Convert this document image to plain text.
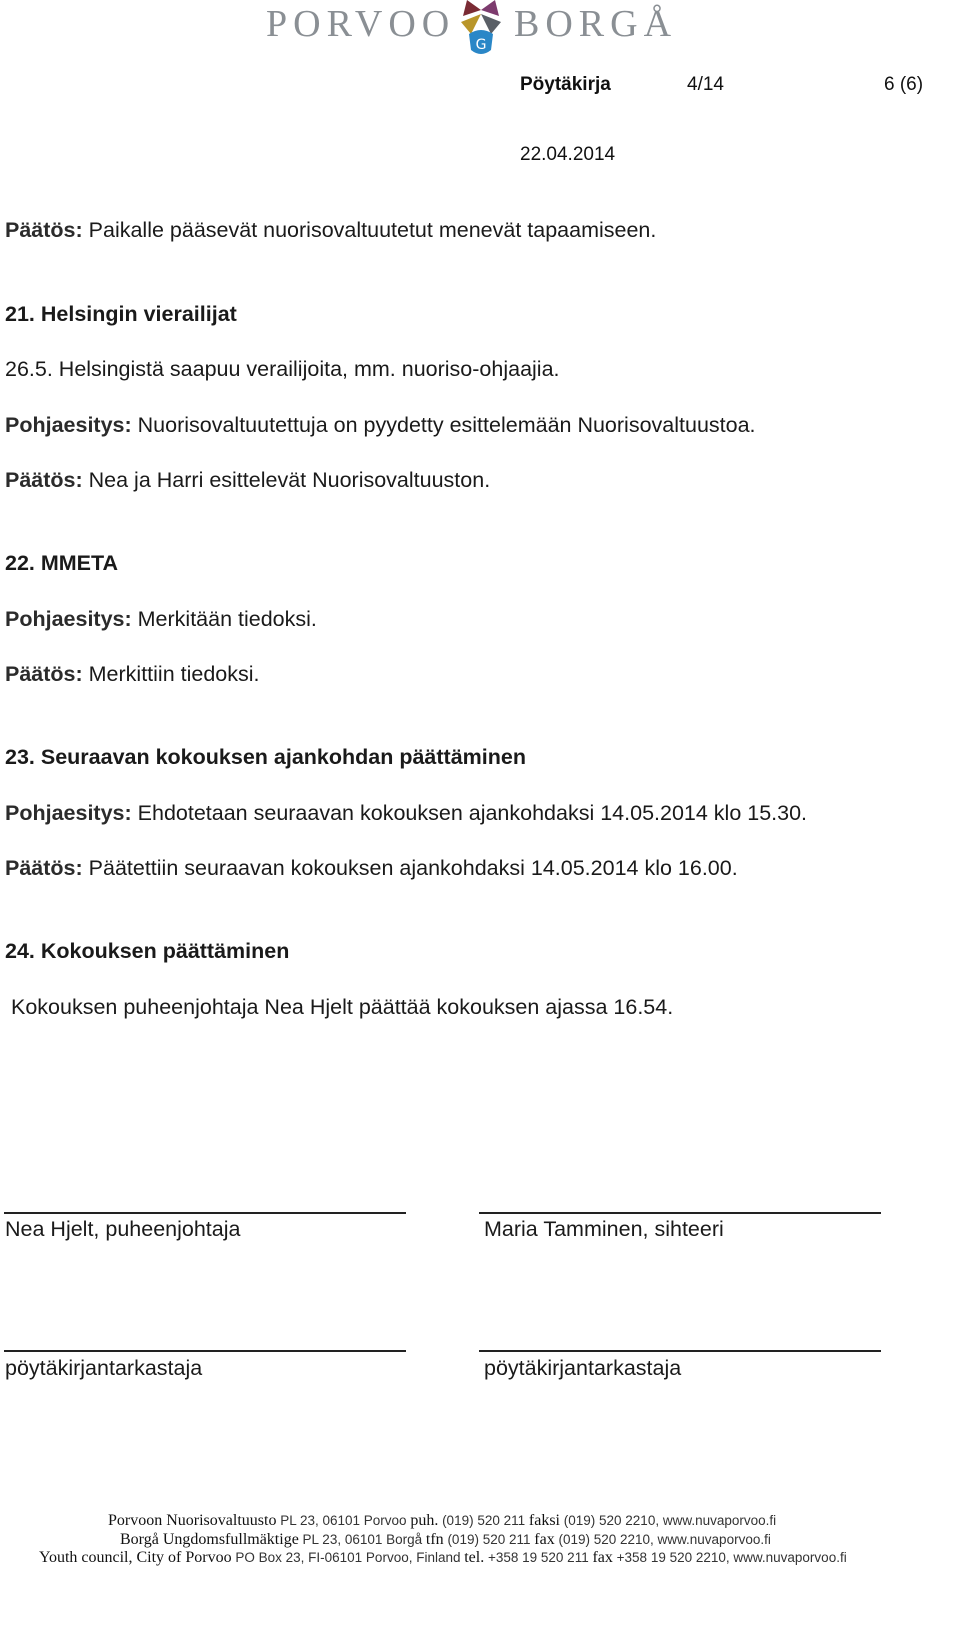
PORVOO G BORGÅ
Pöytäkirja	4/14	6 (6)
22.04.2014
Päätös: Paikalle pääsevät nuorisovaltuutetut menevät tapaamiseen.
21. Helsingin vierailijat
26.5. Helsingistä saapuu verailijoita, mm. nuoriso-ohjaajia.
Pohjaesitys: Nuorisovaltuutettuja on pyydetty esittelemään Nuorisovaltuustoa.
Päätös: Nea ja Harri esittelevät Nuorisovaltuuston.
22. MMETA
Pohjaesitys: Merkitään tiedoksi.
Päätös: Merkittiin tiedoksi.
23. Seuraavan kokouksen ajankohdan päättäminen
Pohjaesitys: Ehdotetaan seuraavan kokouksen ajankohdaksi 14.05.2014 klo 15.30.
Päätös: Päätettiin seuraavan kokouksen ajankohdaksi 14.05.2014 klo 16.00.
24. Kokouksen päättäminen
Kokouksen puheenjohtaja Nea Hjelt päättää kokouksen ajassa 16.54.
Nea Hjelt, puheenjohtaja	Maria Tamminen, sihteeri
pöytäkirjantarkastaja	pöytäkirjantarkastaja
Porvoon Nuorisovaltuusto PL 23, 06101 Porvoo puh. (019) 520 211 faksi (019) 520 2210, www.nuvaporvoo.fi
Borgå Ungdomsfullmäktige PL 23, 06101 Borgå tfn (019) 520 211 fax (019) 520 2210, www.nuvaporvoo.fi
Youth council, City of Porvoo PO Box 23, FI-06101 Porvoo, Finland tel. +358 19 520 211 fax +358 19 520 2210, www.nuvaporvoo.fi
